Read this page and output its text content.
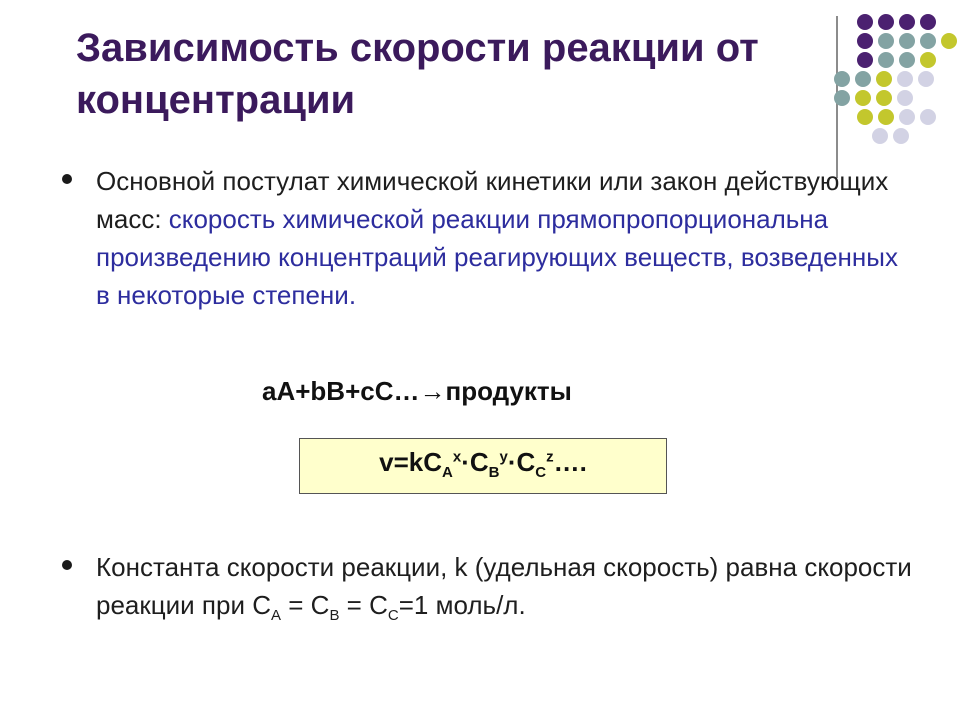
Зависимость скорости реакции от концентрации

Основной постулат химической кинетики или закон действующих масс: скорость химической реакции прямопропорциональна произведению концентраций реагирующих веществ, возведенных в некоторые степени.

aA+bB+cC…→продукты

$v=kC_A^x\cdot C_B^y\cdot C_C^z\dots$.

Константа скорости реакции, k (удельная скорость) равна скорости реакции при $С_А = С_В = С_С=1$ моль/л.
